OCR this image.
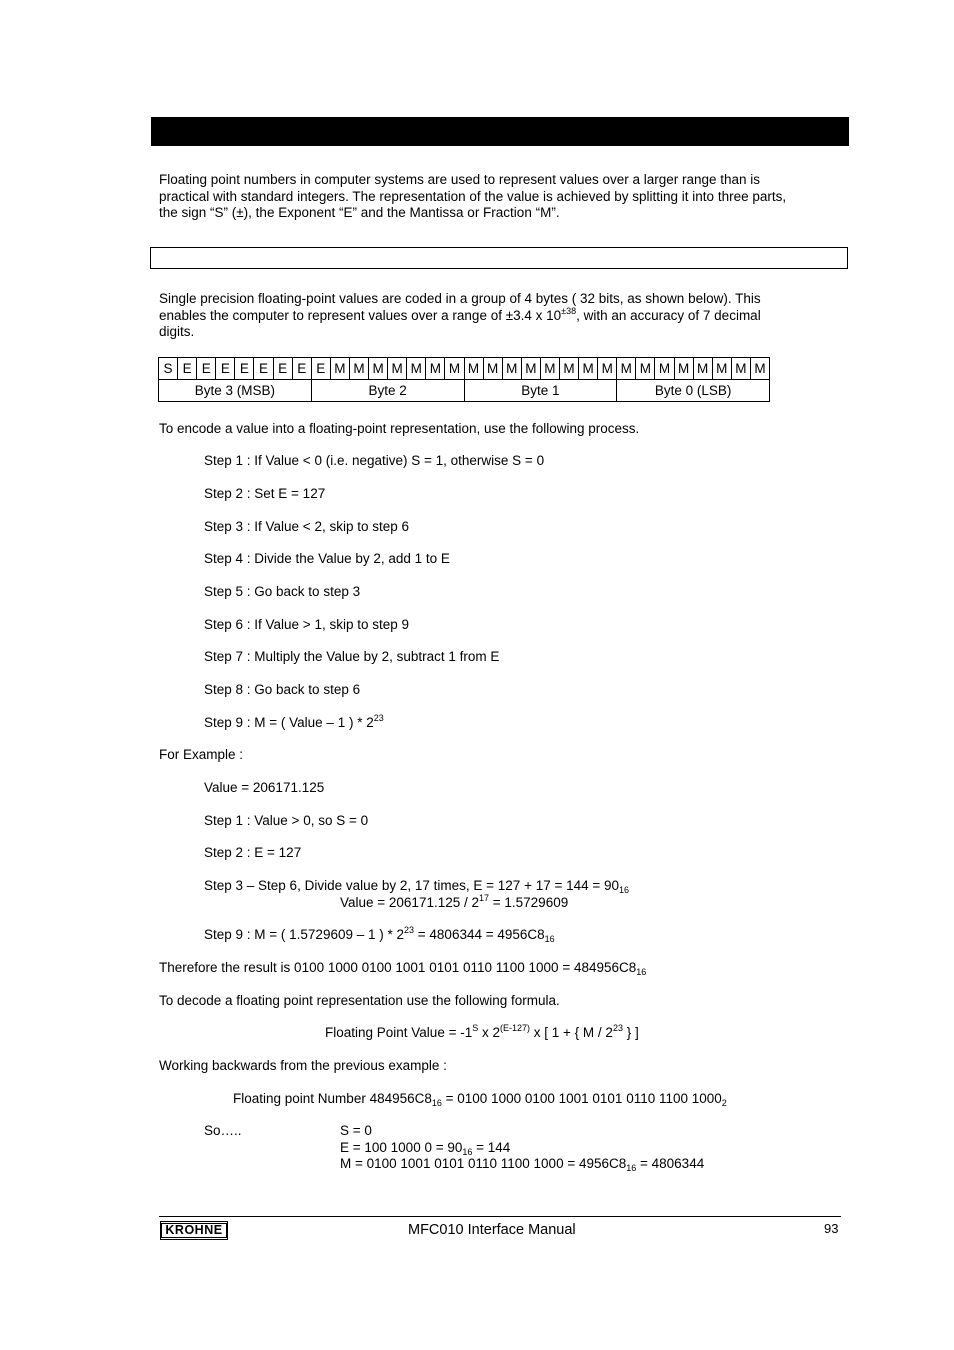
Floating point numbers in computer systems are used to represent values over a larger range than is
practical with standard integers. The representation of the value is achieved by splitting it into three parts,
the sign “S” (±), the Exponent “E” and the Mantissa or Fraction “M”.
Single precision floating-point values are coded in a group of 4 bytes ( 32 bits, as shown below). This
enables the computer to represent values over a range of ±3.4 x $10^{\pm 38}$, with an accuracy of 7 decimal
digits.
S	E	E	E	E	E	E	E	E	M	M	M	M	M	M	M	M	M	M	M	M	M	M	M	M	M	M	M	M	M	M	M
Byte 3 (MSB)								Byte 2								Byte 1								Byte 0 (LSB)							
To encode a value into a floating-point representation, use the following process.
Step 1 : If Value < 0 (i.e. negative) S = 1, otherwise S = 0
Step 2 : Set E = 127
Step 3 : If Value < 2, skip to step 6
Step 4 : Divide the Value by 2, add 1 to E
Step 5 : Go back to step 3
Step 6 : If Value > 1, skip to step 9
Step 7 : Multiply the Value by 2, subtract 1 from E
Step 8 : Go back to step 6
Step 9 : M = ( Value – 1 ) * $2^{23}$
For Example :
Value = 206171.125
Step 1 : Value > 0, so S = 0
Step 2 : E = 127
Step 3 – Step 6, Divide value by 2, 17 times, $E = 127 + 17 = 144 = 90_{16}$
Value = $206171.125 / 2^{17} = 1.5729609$
Step 9 : M = ( 1.5729609 – 1 ) * $2^{23} = 4806344 = 4956C8_{16}$
Therefore the result is 0100 1000 0100 1001 0101 0110 1100 $1000 = 484956C8_{16}$
To decode a floating point representation use the following formula.
Floating Point Value = $-1^S$ x $2^{(E-127)}$ x [ 1 + { M / $2^{23}$ } ]
Working backwards from the previous example :
Floating point Number $484956C8_{16} = 0100$ 1000 0100 1001 0101 0110 1100 $1000_2$
So…..	S = 0
E = 100 1000 $0 = 90_{16} = 144$
M = 0100 1001 0101 0110 1100 $1000 = 4956C8_{16} = 4806344$
KROHNE	MFC010 Interface Manual	93
